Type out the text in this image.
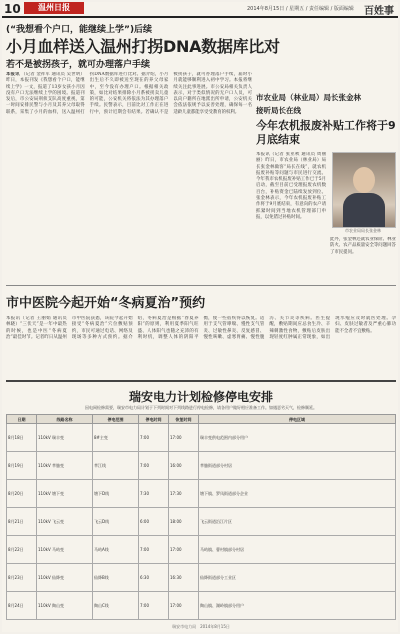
10	温州日报	2014年8月15日 / 星期五 / 责任编辑 / 版面编辑 百姓事
(“我想看个户口，能继续上学”)后续
小月血样送入温州打拐DNA数据库比对
若不是被拐孩子，就可办理落户手续
本报讯 （记者 金祥军 通讯员 吴世明）昨日，本报刊发《我想看个户口，能继续上学》一文，报道了13岁女孩小月因没有户口无法继续上学的困境。报道刊发后，市公安局刑侦支队高度重视，第一时间安排民警与小月及其养父母取得联系，采集了小月的血样，送入温州打拐DNA数据库进行比对。据介绍，小月出生后不久即被送至现在的养父母家中，至今没有办理户口。根据相关政策，如比对结果排除小月系被拐卖儿童的可能，公安机关将依法为其办理落户手续。民警表示，目前比对工作正在进行中，预计近期会有结果。若确认不是被拐孩子，就可办理落户手续，届时小月就能够顺利进入初中学习。本报将继续关注此事进展。市公安局相关负责人表示，对于类似情况的无户口人员，可以向户籍所在地派出所申请，公安机关会依法依规予以妥善处理，确保每一名适龄儿童都能享受受教育的权利。
市农业局（林业局）局长张金林
接听局长在线
今年农机报废补贴工作将于9月底结束
本报讯（记者 张亚秋 通讯员 周丽丽）昨日，市农业局（林业局）局长张金林做客“局长在线”，就农机报废补贴等问题与市民进行交流。今年我市农机报废补贴工作已于5月启动，截至目前已受理报废农机数百台，补贴资金已陆续发放到位。张金林表示，今年农机报废补贴工作将于9月底结束，有意向的农户请抓紧时间到当地农机管理部门申报，以免错过补贴时间。
市农业局局长张金林
此外，张金林还就农业保险、林业防火、农产品质量安全等问题回答了市民提问。
市中医院今起开始“冬病夏治”预约
本报讯（记者 王丽娟 通讯员 林晓）“三伏天”是一年中最热的时候，也是中医“冬病夏治”最佳时节。记者昨日从温州市中医院获悉，该院今起开始接受“冬病夏治”穴位敷贴预约，市民可通过电话、网络及现场等多种方式预约。据介绍，冬病夏治是根据“春夏养阳”的原则，利用夏季阳气旺盛、人体阳气也随之充沛的有利时机，调整人体的阴阳平衡，使一些宿疾得以恢复。适用于支气管哮喘、慢性支气管炎、过敏性鼻炎、反复感冒、慢性咳嗽、虚寒胃痛、慢性腹泻、关节炎等疾病。医生提醒，敷贴期间应忌食生冷、辛辣刺激性食物，敷贴后皮肤出现轻度红肿属正常现象，如出现水疱应及时就医处理。孕妇、皮肤过敏者及严重心肺功能不全者不宜敷贴。
瑞安电力计划检修停电安排
因电网检修需要，瑞安市电力局计划于下列时间对下列线路进行停电检修，请各用户做好相应准备工作。如遇恶劣天气，检修顺延。
日期	线路名称	停电范围	停电时间	恢复时间	停电区域
8月18日	110kV 瑞丰变	8#主变	7:00	17:00	瑞丰变供电范围内部分用户
8月19日	110kV 莘塍变	莘江线	7:00	16:00	莘塍街道部分村居
8月20日	110kV 塘下变	塘下D线	7:30	17:30	塘下镇、罗凤街道部分企业
8月21日	110kV 飞云变	飞云D线	6:00	18:00	飞云街道沿江片区
8月22日	110kV 马屿变	马屿A线	7:00	17:00	马屿镇、曹村镇部分村居
8月23日	110kV 仙降变	仙降B线	6:30	16:30	仙降街道部分工业区
8月24日	110kV 陶山变	陶山C线	7:00	17:00	陶山镇、湖岭镇部分用户
瑞安市电力局　2014年8月15日
